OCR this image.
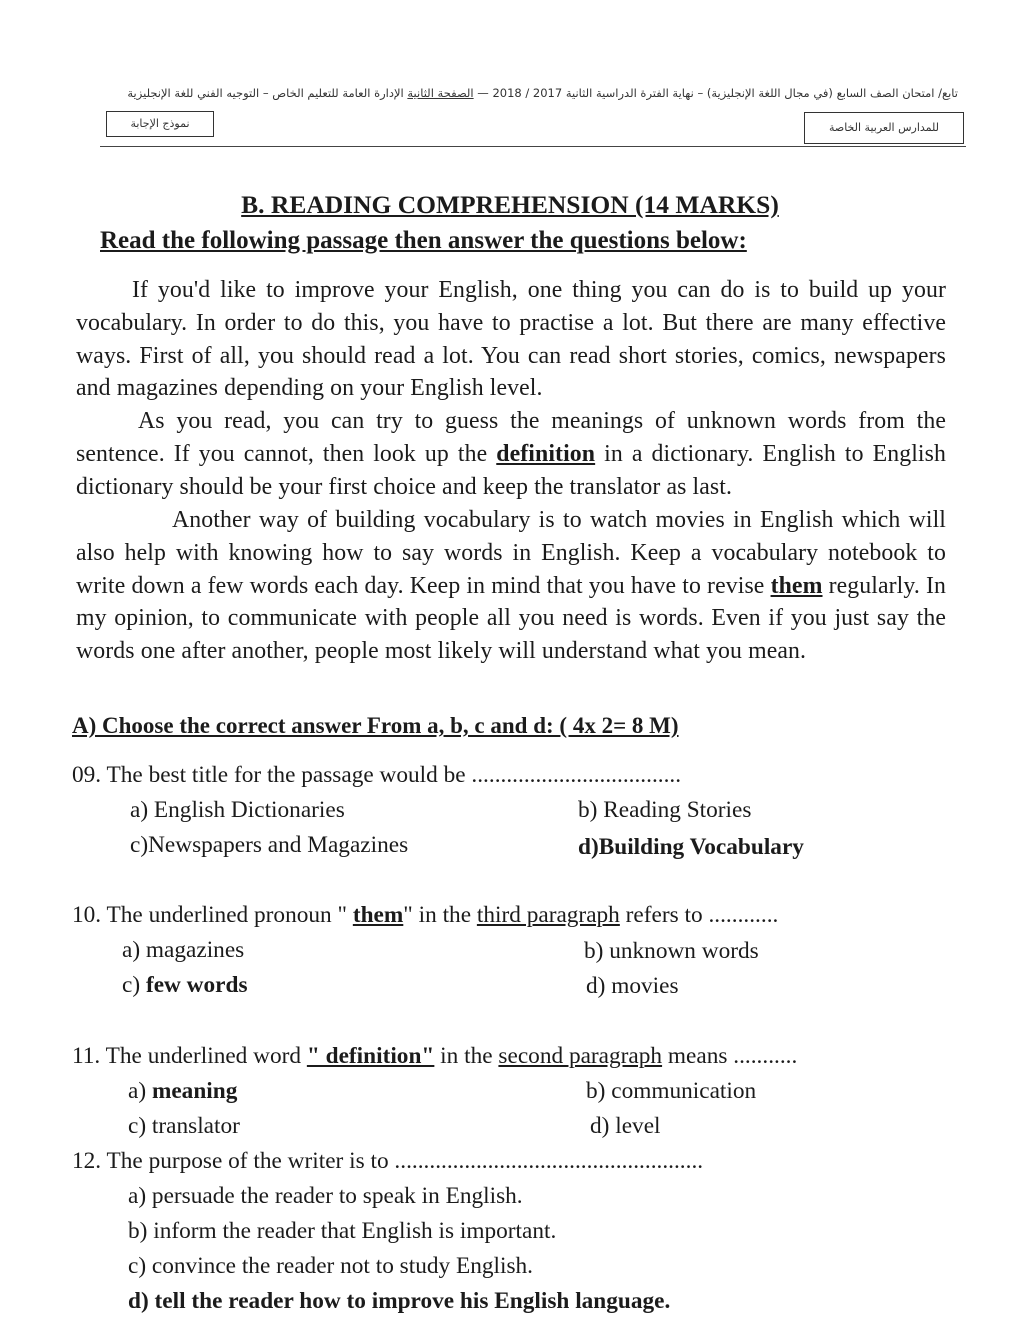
تابع/ امتحان الصف السابع (في مجال اللغة الإنجليزية) – نهاية الفترة الدراسية الثانية 2017 / 2018 — الصفحة الثانية الإدارة العامة للتعليم الخاص – التوجيه الفني للغة الإنجليزية
نموذج الإجابة	للمدارس العربية الخاصة
B. READING COMPREHENSION (14 MARKS)
Read the following passage then answer the questions below:
If you'd like to improve your English, one thing you can do is to build up your vocabulary. In order to do this, you have to practise a lot. But there are many effective ways. First of all, you should read a lot. You can read short stories, comics, newspapers and magazines depending on your English level.
As you read, you can try to guess the meanings of unknown words from the sentence. If you cannot, then look up the definition in a dictionary. English to English dictionary should be your first choice and keep the translator as last.
Another way of building vocabulary is to watch movies in English which will also help with knowing how to say words in English. Keep a vocabulary notebook to write down a few words each day. Keep in mind that you have to revise them regularly. In my opinion, to communicate with people all you need is words. Even if you just say the words one after another, people most likely will understand what you mean.
A) Choose the correct answer From a, b, c and d: ( 4x 2= 8 M)
09. The best title for the passage would be ....................................
a) English Dictionaries	b) Reading Stories
c)Newspapers and Magazines	d)Building Vocabulary
10. The underlined pronoun " them" in the third paragraph refers to ............
a) magazines	b) unknown words
c) few words	d) movies
11. The underlined word " definition" in the second paragraph means ...........
a) meaning	b) communication
c) translator	d) level
12. The purpose of the writer is to .....................................................
a) persuade the reader to speak in English.
b) inform the reader that English is important.
c) convince the reader not to study English.
d) tell the reader how to improve his English language.
